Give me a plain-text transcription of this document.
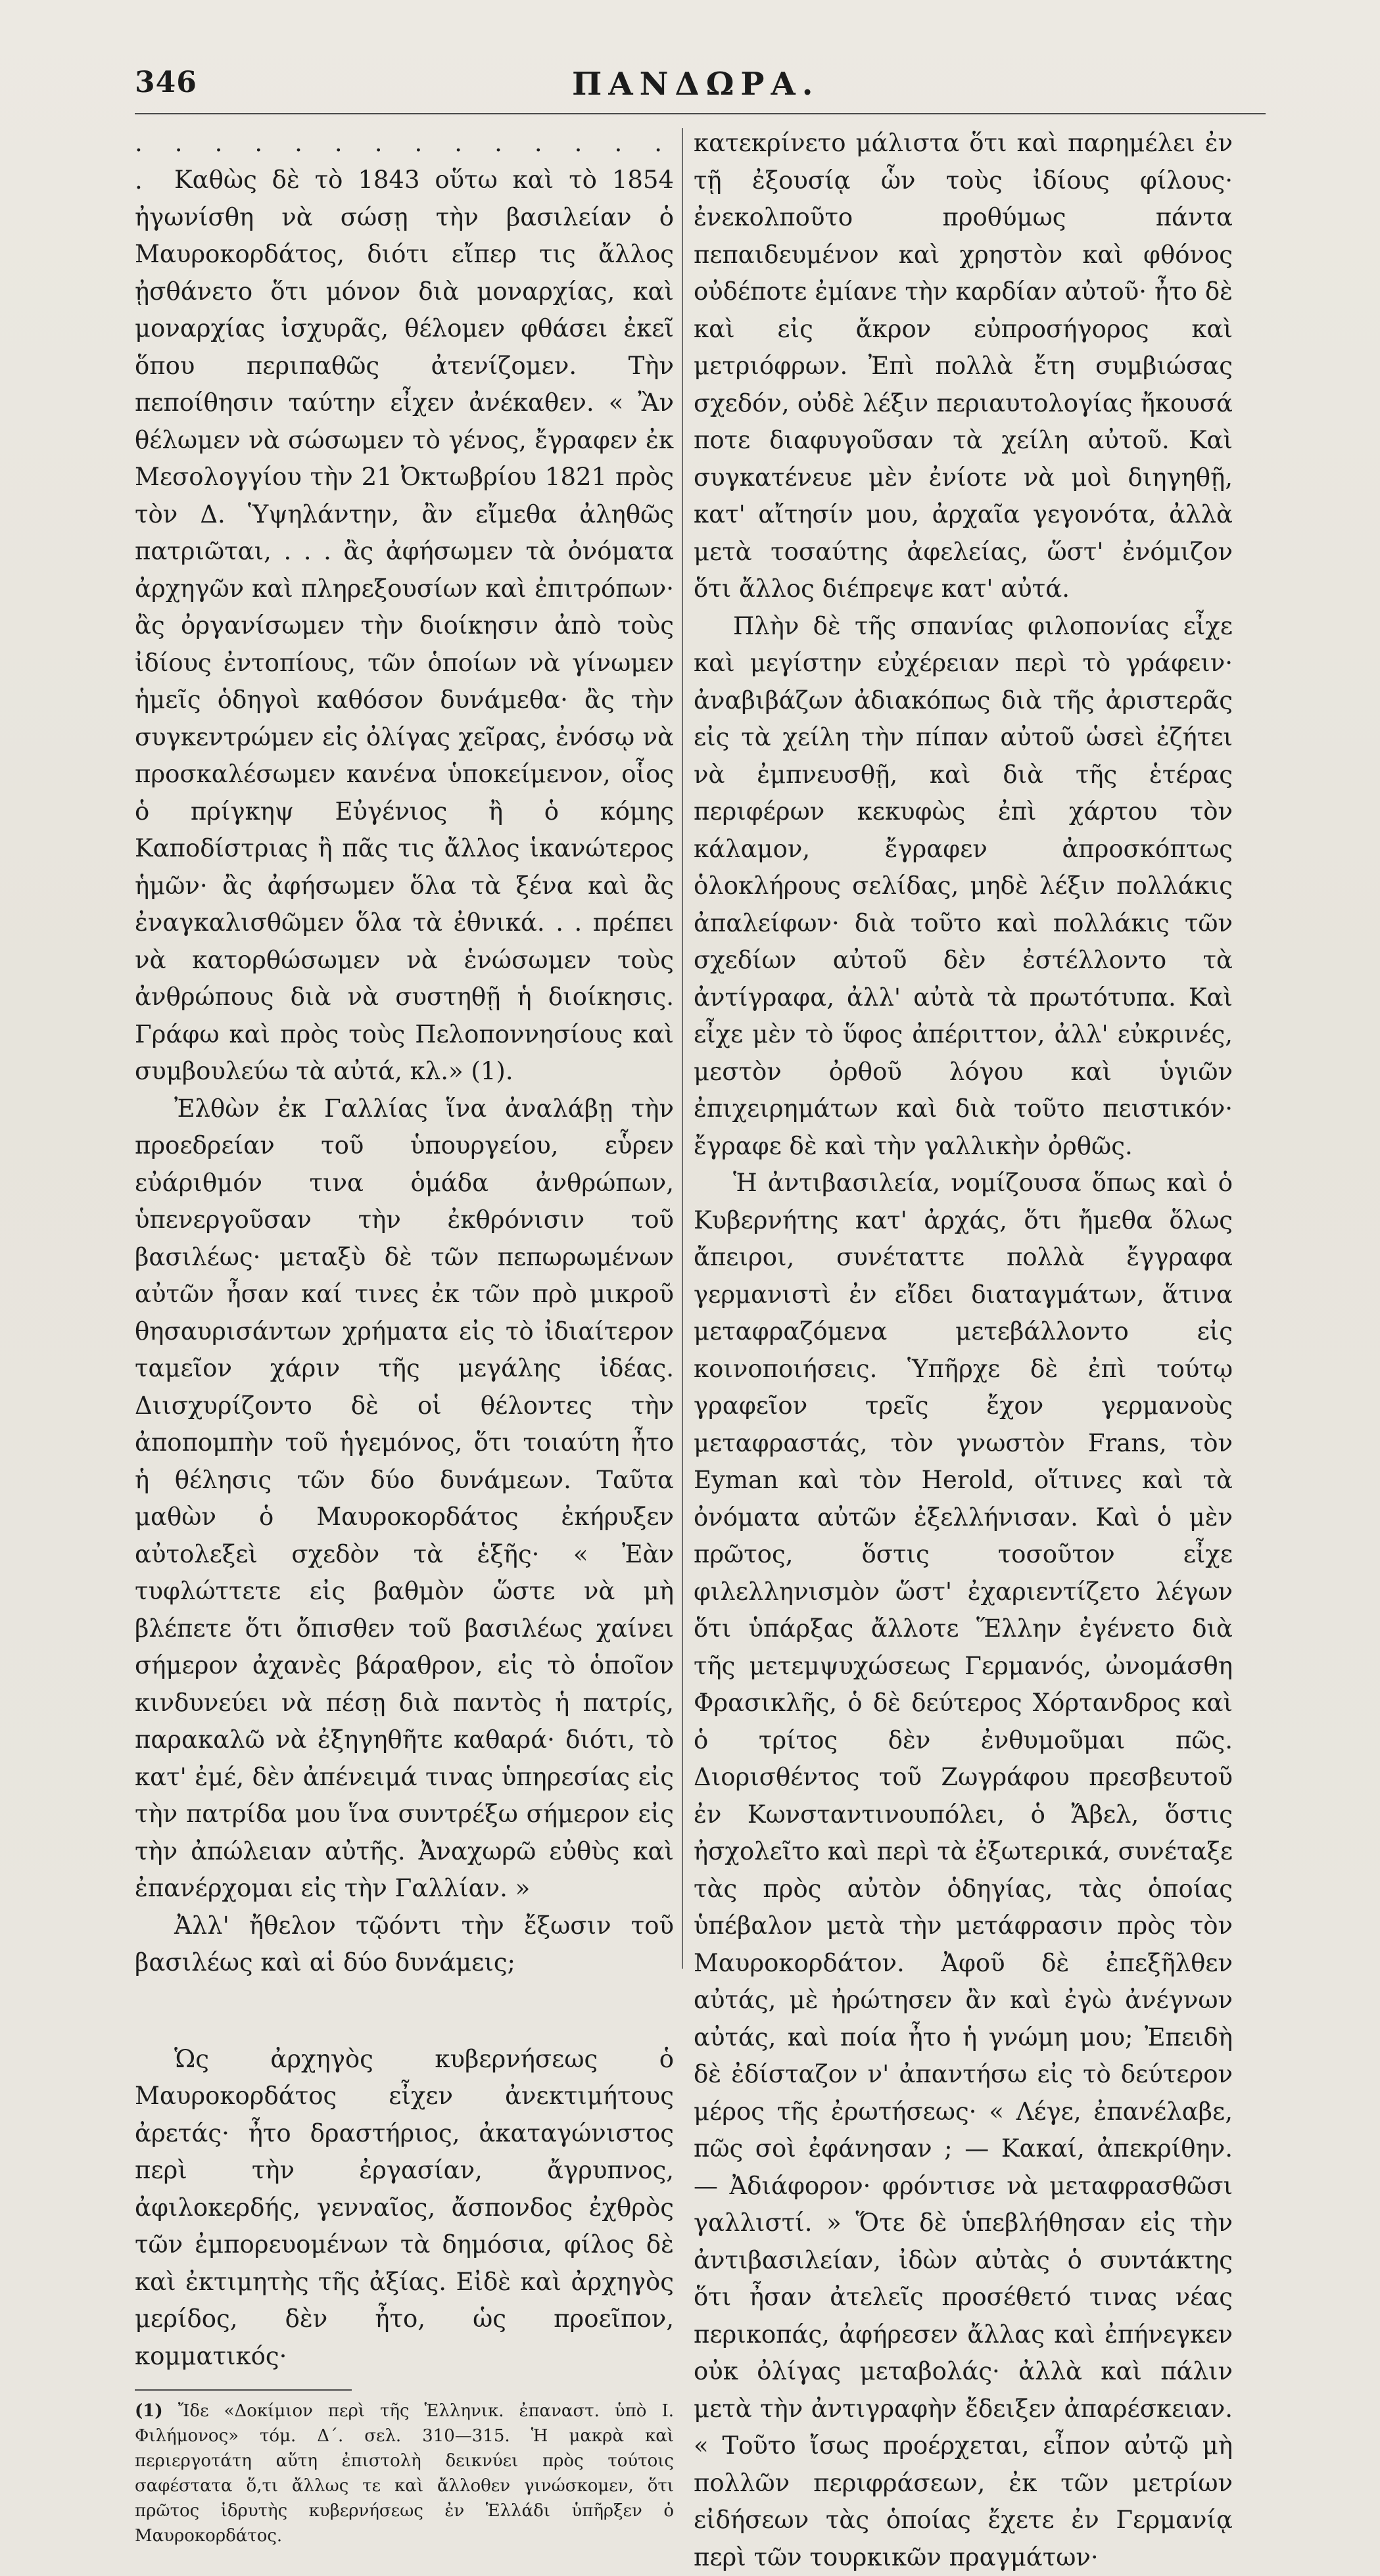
346	ΠΑΝΔΩΡΑ.

. . . . . . . . . . . . . . . Καθὼς δὲ τὸ 1843 οὕτω καὶ τὸ 1854 ἠγωνίσθη νὰ σώσῃ τὴν βασιλείαν ὁ Μαυροκορδάτος, διότι εἴπερ τις ἄλλος ᾐσθάνετο ὅτι μόνον διὰ μοναρχίας, καὶ μοναρχίας ἰσχυρᾶς, θέλομεν φθάσει ἐκεῖ ὅπου περιπαθῶς ἀτενίζομεν. Τὴν πεποίθησιν ταύτην εἶχεν ἀνέκαθεν. « Ἂν θέλωμεν νὰ σώσωμεν τὸ γένος, ἔγραφεν ἐκ Μεσολογγίου τὴν 21 Ὀκτωβρίου 1821 πρὸς τὸν Δ. Ὑψηλάντην, ἂν εἴμεθα ἀληθῶς πατριῶται, . . . ἂς ἀφήσωμεν τὰ ὀνόματα ἀρχηγῶν καὶ πληρεξουσίων καὶ ἐπιτρόπων· ἂς ὀργανίσωμεν τὴν διοίκησιν ἀπὸ τοὺς ἰδίους ἐντοπίους, τῶν ὁποίων νὰ γίνωμεν ἡμεῖς ὁδηγοὶ καθόσον δυνάμεθα· ἂς τὴν συγκεντρώμεν εἰς ὀλίγας χεῖρας, ἐνόσῳ νὰ προσκαλέσωμεν κανένα ὑποκείμενον, οἷος ὁ πρίγκηψ Εὐγένιος ἢ ὁ κόμης Καποδίστριας ἢ πᾶς τις ἄλλος ἱκανώτερος ἡμῶν· ἂς ἀφήσωμεν ὅλα τὰ ξένα καὶ ἂς ἐναγκαλισθῶμεν ὅλα τὰ ἐθνικά. . . πρέπει νὰ κατορθώσωμεν νὰ ἑνώσωμεν τοὺς ἀνθρώπους διὰ νὰ συστηθῇ ἡ διοίκησις. Γράφω καὶ πρὸς τοὺς Πελοποννησίους καὶ συμβουλεύω τὰ αὐτά, κλ.» (1).

Ἐλθὼν ἐκ Γαλλίας ἵνα ἀναλάβῃ τὴν προεδρείαν τοῦ ὑπουργείου, εὗρεν εὐάριθμόν τινα ὁμάδα ἀνθρώπων, ὑπενεργοῦσαν τὴν ἐκθρόνισιν τοῦ βασιλέως· μεταξὺ δὲ τῶν πεπωρωμένων αὐτῶν ἦσαν καί τινες ἐκ τῶν πρὸ μικροῦ θησαυρισάντων χρήματα εἰς τὸ ἰδιαίτερον ταμεῖον χάριν τῆς μεγάλης ἰδέας. Διισχυρίζοντο δὲ οἱ θέλοντες τὴν ἀποπομπὴν τοῦ ἡγεμόνος, ὅτι τοιαύτη ἦτο ἡ θέλησις τῶν δύο δυνάμεων. Ταῦτα μαθὼν ὁ Μαυροκορδάτος ἐκήρυξεν αὐτολεξεὶ σχεδὸν τὰ ἑξῆς· « Ἐὰν τυφλώττετε εἰς βαθμὸν ὥστε νὰ μὴ βλέπετε ὅτι ὄπισθεν τοῦ βασιλέως χαίνει σήμερον ἀχανὲς βάραθρον, εἰς τὸ ὁποῖον κινδυνεύει νὰ πέσῃ διὰ παντὸς ἡ πατρίς, παρακαλῶ νὰ ἐξηγηθῆτε καθαρά· διότι, τὸ κατ' ἐμέ, δὲν ἀπένειμά τινας ὑπηρεσίας εἰς τὴν πατρίδα μου ἵνα συντρέξω σήμερον εἰς τὴν ἀπώλειαν αὐτῆς. Ἀναχωρῶ εὐθὺς καὶ ἐπανέρχομαι εἰς τὴν Γαλλίαν. »

Ἀλλ' ἤθελον τῷόντι τὴν ἔξωσιν τοῦ βασιλέως καὶ αἱ δύο δυνάμεις;

Ὡς ἀρχηγὸς κυβερνήσεως ὁ Μαυροκορδάτος εἶχεν ἀνεκτιμήτους ἀρετάς· ἦτο δραστήριος, ἀκαταγώνιστος περὶ τὴν ἐργασίαν, ἄγρυπνος, ἀφιλοκερδής, γενναῖος, ἄσπονδος ἐχθρὸς τῶν ἐμπορευομένων τὰ δημόσια, φίλος δὲ καὶ ἐκτιμητὴς τῆς ἀξίας. Εἰδὲ καὶ ἀρχηγὸς μερίδος, δὲν ἦτο, ὡς προεῖπον, κομματικός·

(1) Ἴδε «Δοκίμιον περὶ τῆς Ἑλληνικ. ἐπαναστ. ὑπὸ Ι. Φιλήμονος» τόμ. Δ΄. σελ. 310—315. Ἡ μακρὰ καὶ περιεργοτάτη αὕτη ἐπιστολὴ δεικνύει πρὸς τούτοις σαφέστατα ὅ,τι ἄλλως τε καὶ ἄλλοθεν γινώσκομεν, ὅτι πρῶτος ἱδρυτὴς κυβερνήσεως ἐν Ἑλλάδι ὑπῆρξεν ὁ Μαυροκορδάτος.

κατεκρίνετο μάλιστα ὅτι καὶ παρημέλει ἐν τῇ ἐξουσίᾳ ὧν τοὺς ἰδίους φίλους· ἐνεκολποῦτο προθύμως πάντα πεπαιδευμένον καὶ χρηστὸν καὶ φθόνος οὐδέποτε ἐμίανε τὴν καρδίαν αὐτοῦ· ἦτο δὲ καὶ εἰς ἄκρον εὐπροσήγορος καὶ μετριόφρων. Ἐπὶ πολλὰ ἔτη συμβιώσας σχεδόν, οὐδὲ λέξιν περιαυτολογίας ἤκουσά ποτε διαφυγοῦσαν τὰ χείλη αὐτοῦ. Καὶ συγκατένευε μὲν ἐνίοτε νὰ μοὶ διηγηθῇ, κατ' αἴτησίν μου, ἀρχαῖα γεγονότα, ἀλλὰ μετὰ τοσαύτης ἀφελείας, ὥστ' ἐνόμιζον ὅτι ἄλλος διέπρεψε κατ' αὐτά.

Πλὴν δὲ τῆς σπανίας φιλοπονίας εἶχε καὶ μεγίστην εὐχέρειαν περὶ τὸ γράφειν· ἀναβιβάζων ἀδιακόπως διὰ τῆς ἀριστερᾶς εἰς τὰ χείλη τὴν πίπαν αὐτοῦ ὡσεὶ ἐζήτει νὰ ἐμπνευσθῇ, καὶ διὰ τῆς ἑτέρας περιφέρων κεκυφὼς ἐπὶ χάρτου τὸν κάλαμον, ἔγραφεν ἀπροσκόπτως ὁλοκλήρους σελίδας, μηδὲ λέξιν πολλάκις ἀπαλείφων· διὰ τοῦτο καὶ πολλάκις τῶν σχεδίων αὐτοῦ δὲν ἐστέλλοντο τὰ ἀντίγραφα, ἀλλ' αὐτὰ τὰ πρωτότυπα. Καὶ εἶχε μὲν τὸ ὕφος ἀπέριττον, ἀλλ' εὐκρινές, μεστὸν ὀρθοῦ λόγου καὶ ὑγιῶν ἐπιχειρημάτων καὶ διὰ τοῦτο πειστικόν· ἔγραφε δὲ καὶ τὴν γαλλικὴν ὀρθῶς.

Ἡ ἀντιβασιλεία, νομίζουσα ὅπως καὶ ὁ Κυβερνήτης κατ' ἀρχάς, ὅτι ἤμεθα ὅλως ἄπειροι, συνέταττε πολλὰ ἔγγραφα γερμανιστὶ ἐν εἴδει διαταγμάτων, ἅτινα μεταφραζόμενα μετεβάλλοντο εἰς κοινοποιήσεις. Ὑπῆρχε δὲ ἐπὶ τούτῳ γραφεῖον τρεῖς ἔχον γερμανοὺς μεταφραστάς, τὸν γνωστὸν Frans, τὸν Eyman καὶ τὸν Herold, οἵτινες καὶ τὰ ὀνόματα αὐτῶν ἐξελλήνισαν. Καὶ ὁ μὲν πρῶτος, ὅστις τοσοῦτον εἶχε φιλελληνισμὸν ὥστ' ἐχαριεντίζετο λέγων ὅτι ὑπάρξας ἄλλοτε Ἕλλην ἐγένετο διὰ τῆς μετεμψυχώσεως Γερμανός, ὠνομάσθη Φρασικλῆς, ὁ δὲ δεύτερος Χόρτανδρος καὶ ὁ τρίτος δὲν ἐνθυμοῦμαι πῶς. Διορισθέντος τοῦ Ζωγράφου πρεσβευτοῦ ἐν Κωνσταντινουπόλει, ὁ Ἄβελ, ὅστις ἠσχολεῖτο καὶ περὶ τὰ ἐξωτερικά, συνέταξε τὰς πρὸς αὐτὸν ὁδηγίας, τὰς ὁποίας ὑπέβαλον μετὰ τὴν μετάφρασιν πρὸς τὸν Μαυροκορδάτον. Ἀφοῦ δὲ ἐπεξῆλθεν αὐτάς, μὲ ἠρώτησεν ἂν καὶ ἐγὼ ἀνέγνων αὐτάς, καὶ ποία ἦτο ἡ γνώμη μου; Ἐπειδὴ δὲ ἐδίσταζον ν' ἀπαντήσω εἰς τὸ δεύτερον μέρος τῆς ἐρωτήσεως· « Λέγε, ἐπανέλαβε, πῶς σοὶ ἐφάνησαν ; — Κακαί, ἀπεκρίθην. — Ἀδιάφορον· φρόντισε νὰ μεταφρασθῶσι γαλλιστί. » Ὅτε δὲ ὑπεβλήθησαν εἰς τὴν ἀντιβασιλείαν, ἰδὼν αὐτὰς ὁ συντάκτης ὅτι ἦσαν ἀτελεῖς προσέθετό τινας νέας περικοπάς, ἀφήρεσεν ἄλλας καὶ ἐπήνεγκεν οὐκ ὀλίγας μεταβολάς· ἀλλὰ καὶ πάλιν μετὰ τὴν ἀντιγραφὴν ἔδειξεν ἀπαρέσκειαν. « Τοῦτο ἴσως προέρχεται, εἶπον αὐτῷ μὴ πολλῶν περιφράσεων, ἐκ τῶν μετρίων εἰδήσεων τὰς ὁποίας ἔχετε ἐν Γερμανίᾳ περὶ τῶν τουρκικῶν πραγμάτων·
